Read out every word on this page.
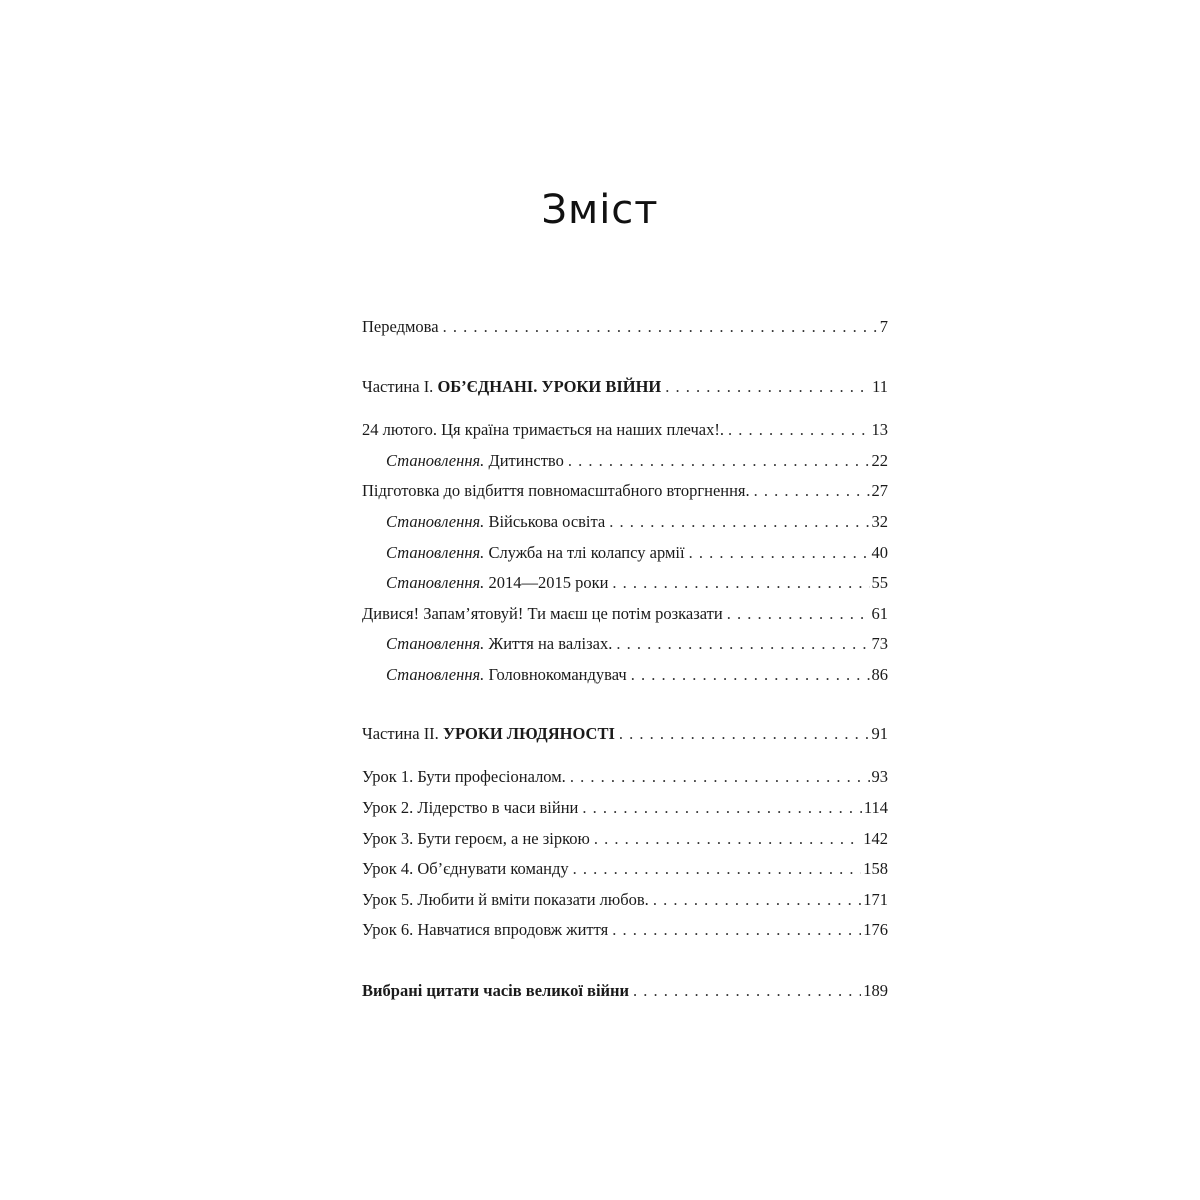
Зміст
Передмова . . .	7
Частина І. ОБ’ЄДНАНІ. УРОКИ ВІЙНИ . . .	11
24 лютого. Ця країна тримається на наших плечах!. . . .	13
Становлення. Дитинство . . .	22
Підготовка до відбиття повномасштабного вторгнення. . . .	27
Становлення. Військова освіта . . .	32
Становлення. Служба на тлі колапсу армії . . .	40
Становлення. 2014—2015 роки . . .	55
Дивися! Запам’ятовуй! Ти маєш це потім розказати . . .	61
Становлення. Життя на валізах. . . .	73
Становлення. Головнокомандувач . . .	86
Частина ІІ. УРОКИ ЛЮДЯНОСТІ . . .	91
Урок 1. Бути професіоналом. . . .	93
Урок 2. Лідерство в часи війни . . .	114
Урок 3. Бути героєм, а не зіркою . . .	142
Урок 4. Об’єднувати команду . . .	158
Урок 5. Любити й вміти показати любов. . . .	171
Урок 6. Навчатися впродовж життя . . .	176
Вибрані цитати часів великої війни . . .	189
